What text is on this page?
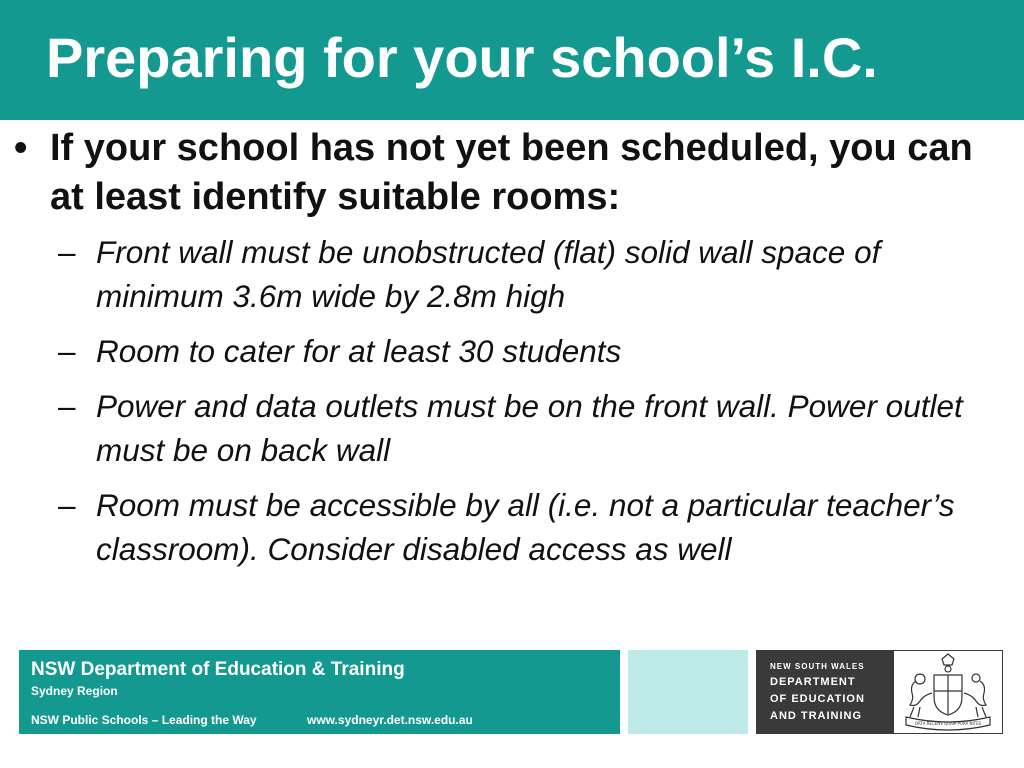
Preparing for your school’s I.C.
• If your school has not yet been scheduled, you can at least identify suitable rooms:
– Front wall must be unobstructed (flat) solid wall space of minimum 3.6m wide by 2.8m high
– Room to cater for at least 30 students
– Power and data outlets must be on the front wall. Power outlet must be on back wall
– Room must be accessible by all (i.e. not a particular teacher’s classroom). Consider disabled access as well
NSW Department of Education & Training
Sydney Region
NSW Public Schools – Leading the Way	www.sydneyr.det.nsw.edu.au
NEW SOUTH WALES
DEPARTMENT
OF EDUCATION
AND TRAINING
ORTA RECENS QUAM PURA NITES
